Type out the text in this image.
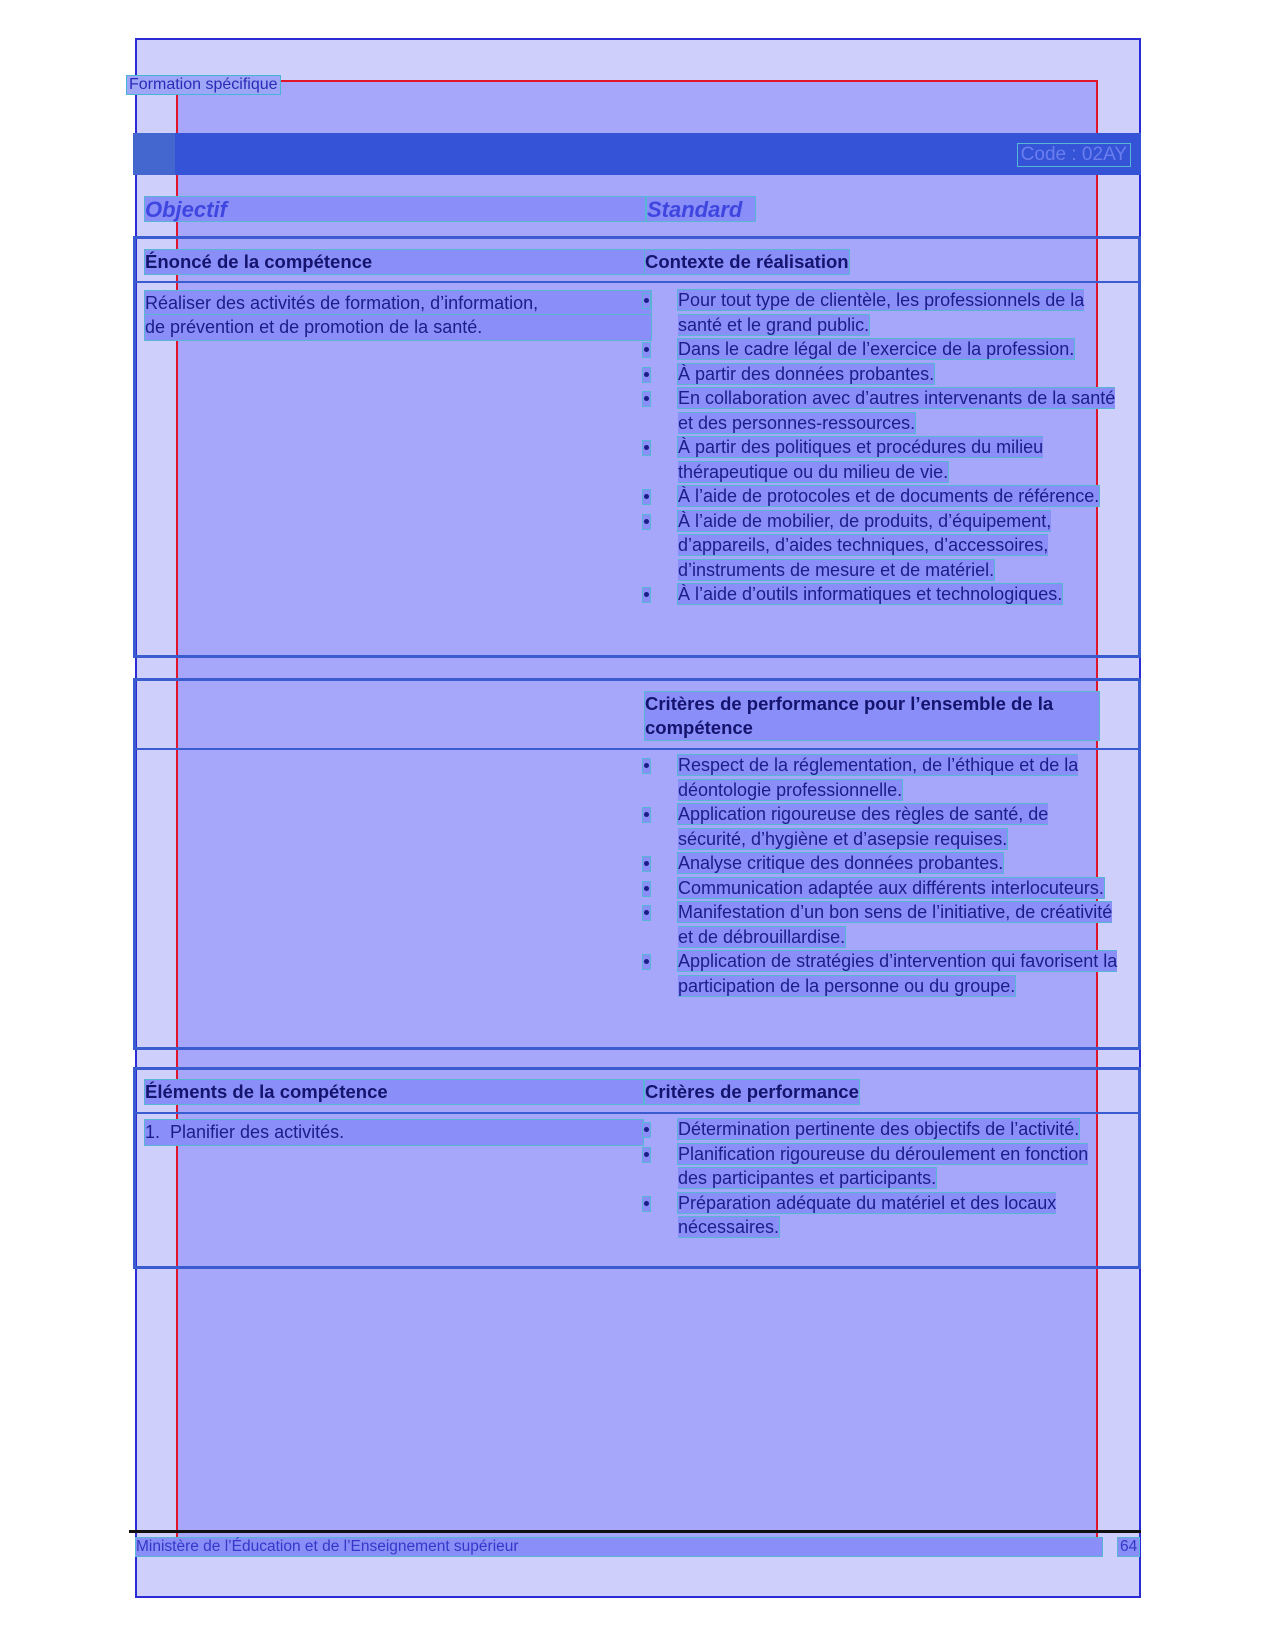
Formation spécifique
Code : 02AY
Objectif	Standard
Énoncé de la compétence	Contexte de réalisation
Réaliser des activités de formation, d’information,
de prévention et de promotion de la santé.
Pour tout type de clientèle, les professionnels de la santé et le grand public.
Dans le cadre légal de l’exercice de la profession.
À partir des données probantes.
En collaboration avec d’autres intervenants de la santé et des personnes-ressources.
À partir des politiques et procédures du milieu thérapeutique ou du milieu de vie.
À l’aide de protocoles et de documents de référence.
À l’aide de mobilier, de produits, d’équipement, d’appareils, d’aides techniques, d’accessoires, d’instruments de mesure et de matériel.
À l’aide d’outils informatiques et technologiques.
Critères de performance pour l’ensemble de la compétence
Respect de la réglementation, de l’éthique et de la déontologie professionnelle.
Application rigoureuse des règles de santé, de sécurité, d’hygiène et d’asepsie requises.
Analyse critique des données probantes.
Communication adaptée aux différents interlocuteurs.
Manifestation d’un bon sens de l’initiative, de créativité et de débrouillardise.
Application de stratégies d’intervention qui favorisent la participation de la personne ou du groupe.
Éléments de la compétence	Critères de performance
1.  Planifier des activités.	Détermination pertinente des objectifs de l’activité.
Planification rigoureuse du déroulement en fonction des participantes et participants.
Préparation adéquate du matériel et des locaux nécessaires.
Ministère de l’Éducation et de l’Enseignement supérieur	64
